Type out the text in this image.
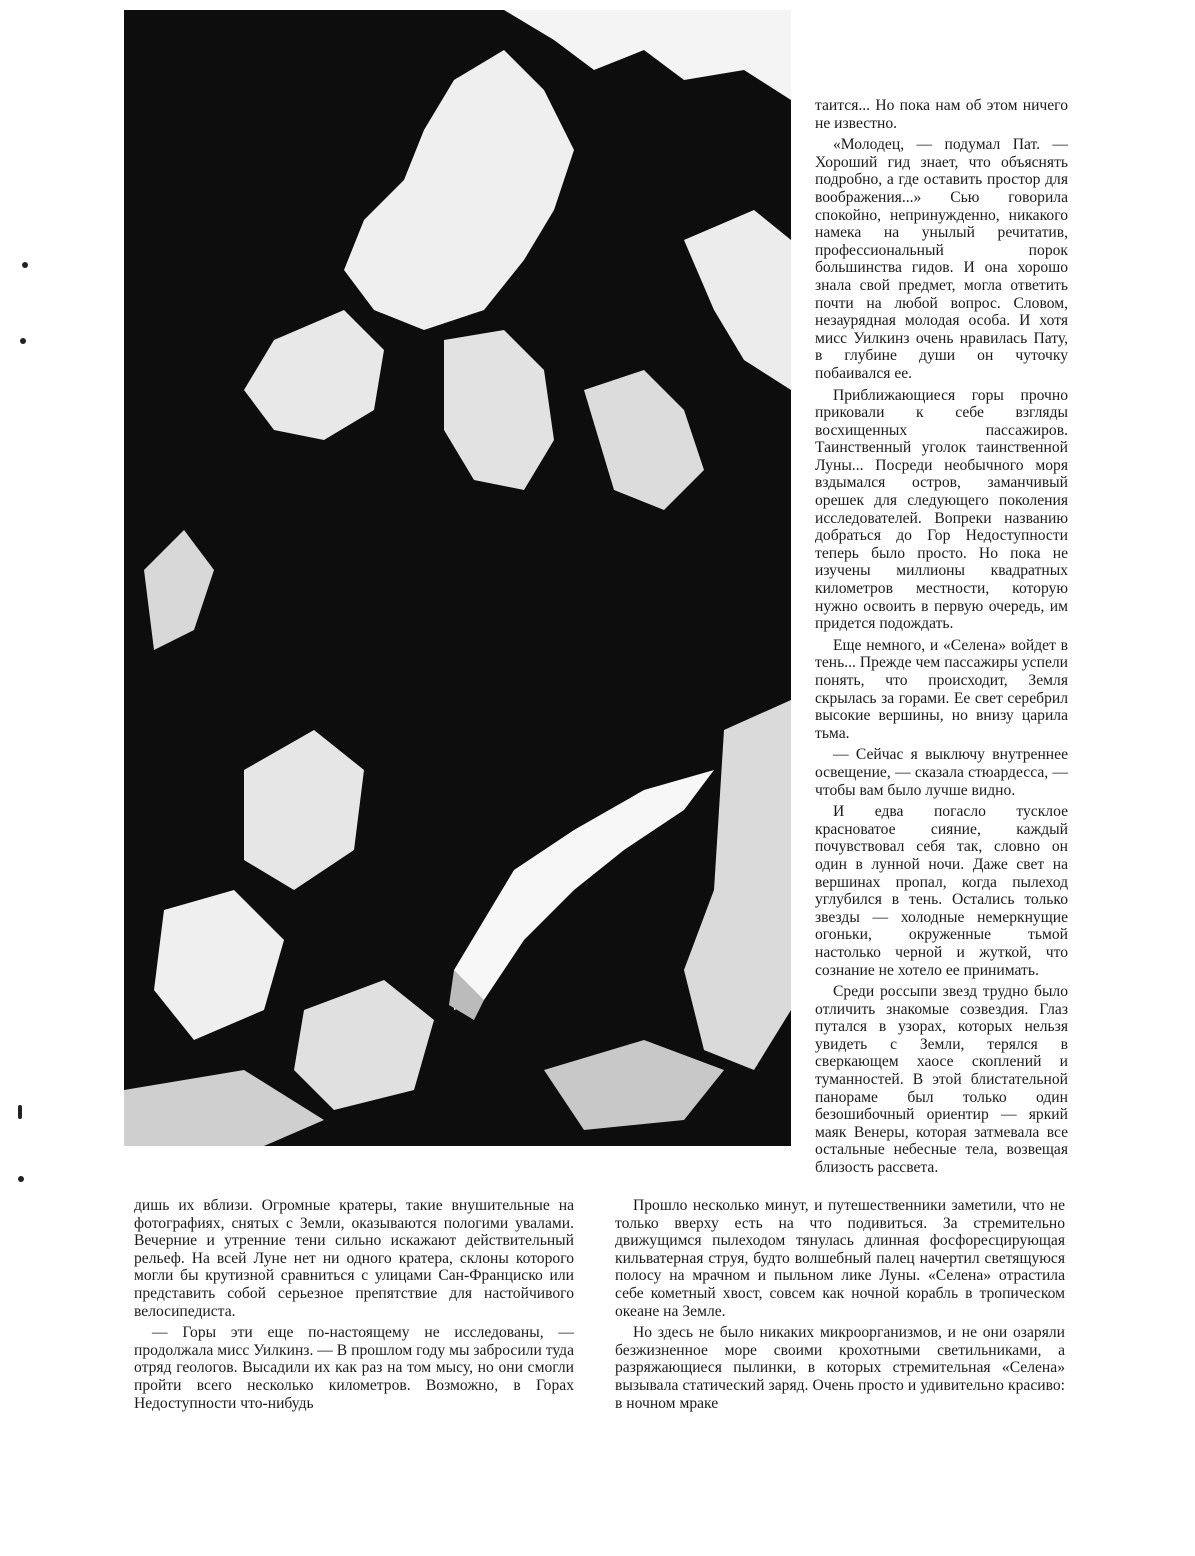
таится... Но пока нам об этом ничего не известно.

«Молодец, — подумал Пат. — Хороший гид знает, что объяснять подробно, а где оставить простор для воображения...» Сью говорила спокойно, непринужденно, никакого намека на унылый речитатив, профессиональный порок большинства гидов. И она хорошо знала свой предмет, могла ответить почти на любой вопрос. Словом, незаурядная молодая особа. И хотя мисс Уилкинз очень нравилась Пату, в глубине души он чуточку побаивался ее.

Приближающиеся горы прочно приковали к себе взгляды восхищенных пассажиров. Таинственный уголок таинственной Луны... Посреди необычного моря вздымался остров, заманчивый орешек для следующего поколения исследователей. Вопреки названию добраться до Гор Недоступности теперь было просто. Но пока не изучены миллионы квадратных километров местности, которую нужно освоить в первую очередь, им придется подождать.

Еще немного, и «Селена» войдет в тень... Прежде чем пассажиры успели понять, что происходит, Земля скрылась за горами. Ее свет серебрил высокие вершины, но внизу царила тьма.

— Сейчас я выключу внутреннее освещение, — сказала стюардесса, — чтобы вам было лучше видно.

И едва погасло тусклое красноватое сияние, каждый почувствовал себя так, словно он один в лунной ночи. Даже свет на вершинах пропал, когда пылеход углубился в тень. Остались только звезды — холодные немеркнущие огоньки, окруженные тьмой настолько черной и жуткой, что сознание не хотело ее принимать.

Среди россыпи звезд трудно было отличить знакомые созвездия. Глаз путался в узорах, которых нельзя увидеть с Земли, терялся в сверкающем хаосе скоплений и туманностей. В этой блистательной панораме был только один безошибочный ориентир — яркий маяк Венеры, которая затмевала все остальные небесные тела, возвещая близость рассвета.

дишь их вблизи. Огромные кратеры, такие внушительные на фотографиях, снятых с Земли, оказываются пологими увалами. Вечерние и утренние тени сильно искажают действительный рельеф. На всей Луне нет ни одного кратера, склоны которого могли бы крутизной сравниться с улицами Сан-Франциско или представить собой серьезное препятствие для настойчивого велосипедиста.

— Горы эти еще по-настоящему не исследованы, — продолжала мисс Уилкинз. — В прошлом году мы забросили туда отряд геологов. Высадили их как раз на том мысу, но они смогли пройти всего несколько километров. Возможно, в Горах Недоступности что-нибудь

Прошло несколько минут, и путешественники заметили, что не только вверху есть на что подивиться. За стремительно движущимся пылеходом тянулась длинная фосфоресцирующая кильватерная струя, будто волшебный палец начертил светящуюся полосу на мрачном и пыльном лике Луны. «Селена» отрастила себе кометный хвост, совсем как ночной корабль в тропическом океане на Земле.

Но здесь не было никаких микроорганизмов, и не они озаряли безжизненное море своими крохотными светильниками, а разряжающиеся пылинки, в которых стремительная «Селена» вызывала статический заряд. Очень просто и удивительно красиво: в ночном мраке
